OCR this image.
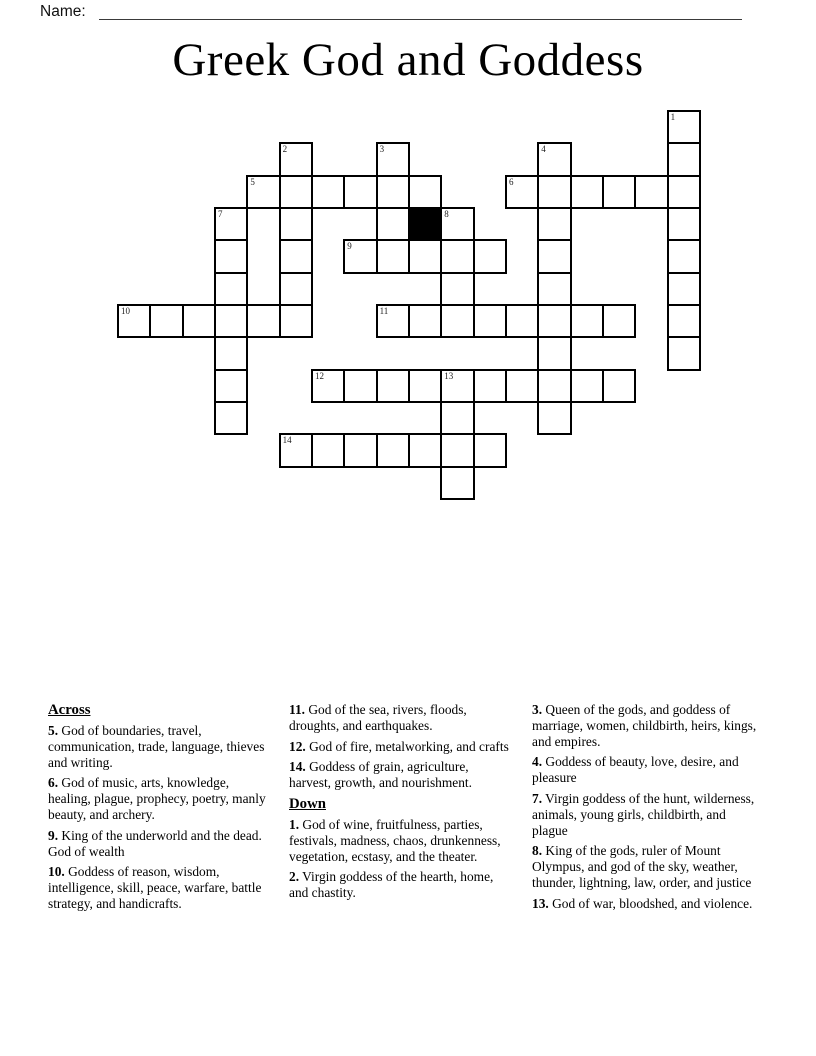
Name:
Greek God and Goddess
1
2	3	4
5	6
7	8
9
10	11
12	13
14
Across

5. God of boundaries, travel, communication, trade, language, thieves and writing.

6. God of music, arts, knowledge, healing, plague, prophecy, poetry, manly beauty, and archery.

9. King of the underworld and the dead. God of wealth

10. Goddess of reason, wisdom, intelligence, skill, peace, warfare, battle strategy, and handicrafts.

11. God of the sea, rivers, floods, droughts, and earthquakes.

12. God of fire, metalworking, and crafts

14. Goddess of grain, agriculture, harvest, growth, and nourishment.

Down

1. God of wine, fruitfulness, parties, festivals, madness, chaos, drunkenness, vegetation, ecstasy, and the theater.

2. Virgin goddess of the hearth, home, and chastity.

3. Queen of the gods, and goddess of marriage, women, childbirth, heirs, kings, and empires.

4. Goddess of beauty, love, desire, and pleasure

7. Virgin goddess of the hunt, wilderness, animals, young girls, childbirth, and plague

8. King of the gods, ruler of Mount Olympus, and god of the sky, weather, thunder, lightning, law, order, and justice

13. God of war, bloodshed, and violence.
